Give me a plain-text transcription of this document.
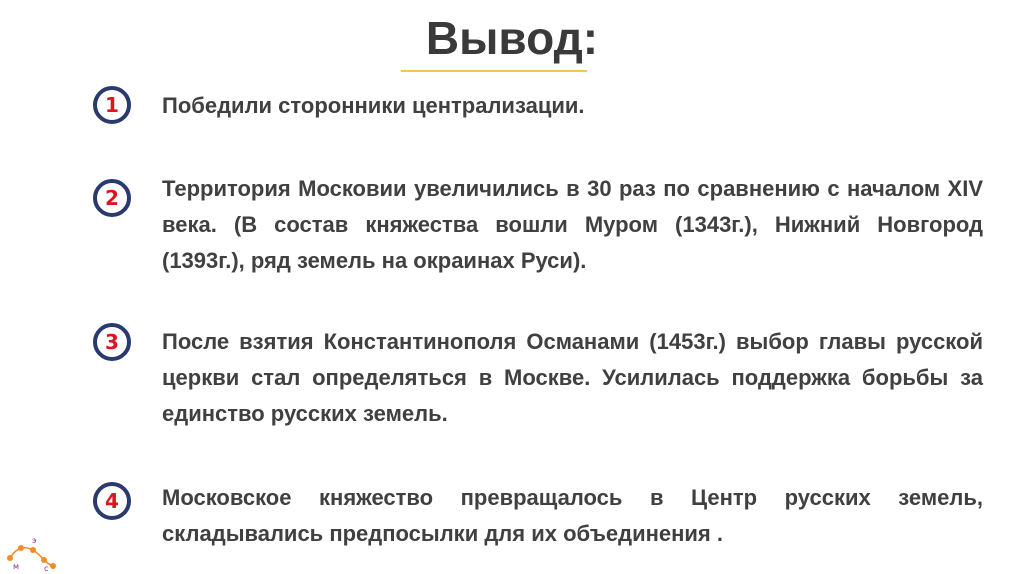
Вывод:
1 Победили сторонники централизации.

2 Территория Московии увеличились в 30 раз по сравнению с началом XIV века. (В состав княжества вошли Муром (1343г.), Нижний Новгород (1393г.), ряд земель на окраинах Руси).

3 После взятия Константинополя Османами (1453г.) выбор главы русской церкви стал определяться в Москве. Усилилась поддержка борьбы за единство русских земель.

4 Московское княжество превращалось в Центр русских земель, складывались предпосылки для их объединения .

м
э
с
